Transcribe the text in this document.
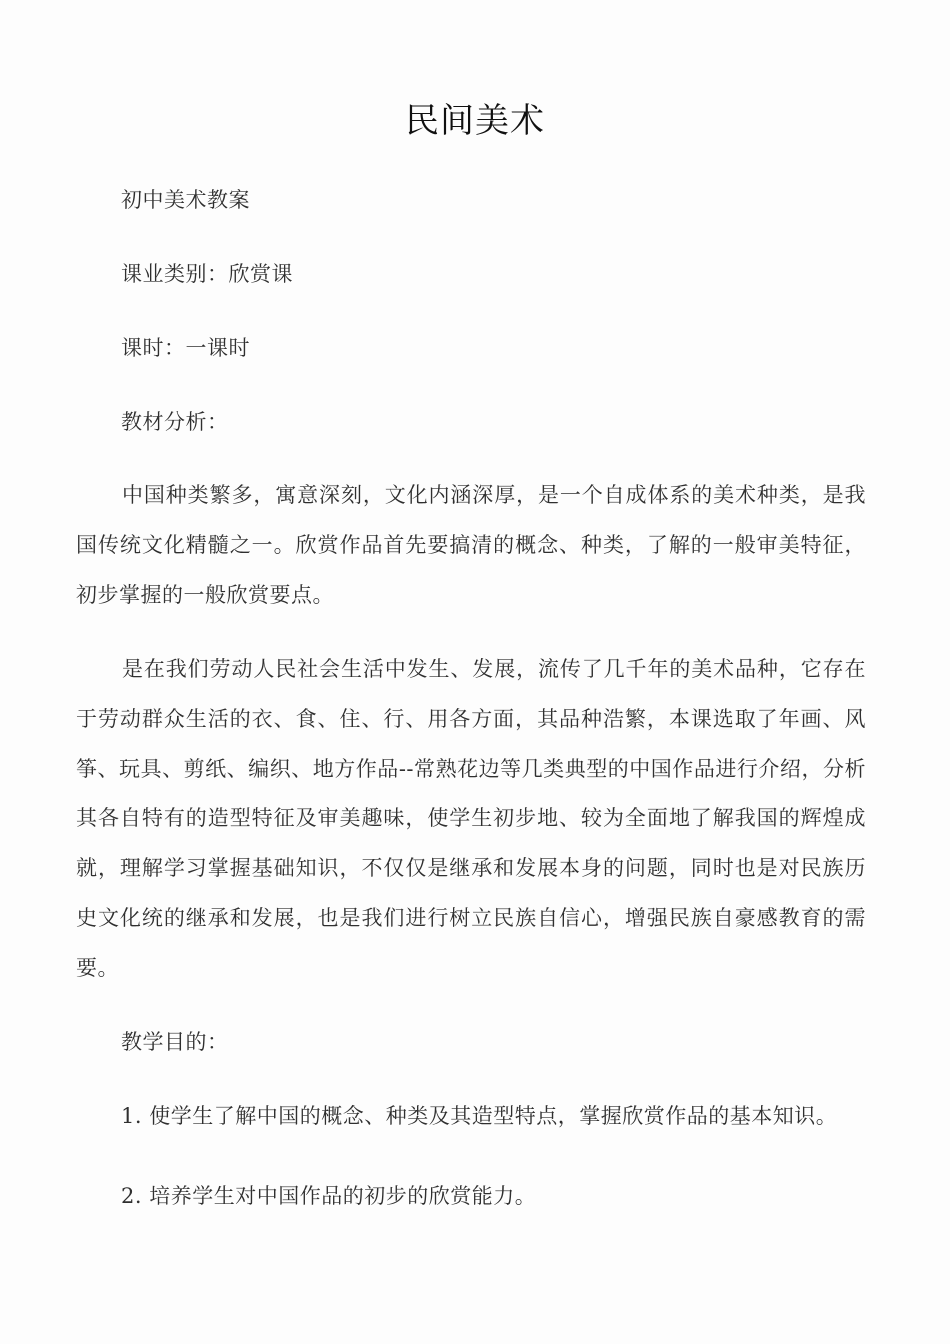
民间美术
初中美术教案
课业类别：欣赏课
课时：一课时
教材分析：
中国种类繁多，寓意深刻，文化内涵深厚，是一个自成体系的美术种类，是我国传统文化精髓之一。欣赏作品首先要搞清的概念、种类，了解的一般审美特征，初步掌握的一般欣赏要点。
是在我们劳动人民社会生活中发生、发展，流传了几千年的美术品种，它存在于劳动群众生活的衣、食、住、行、用各方面，其品种浩繁，本课选取了年画、风筝、玩具、剪纸、编织、地方作品--常熟花边等几类典型的中国作品进行介绍，分析其各自特有的造型特征及审美趣味，使学生初步地、较为全面地了解我国的辉煌成就，理解学习掌握基础知识，不仅仅是继承和发展本身的问题，同时也是对民族历史文化统的继承和发展，也是我们进行树立民族自信心，增强民族自豪感教育的需要。
教学目的：
1. 使学生了解中国的概念、种类及其造型特点，掌握欣赏作品的基本知识。
2. 培养学生对中国作品的初步的欣赏能力。
